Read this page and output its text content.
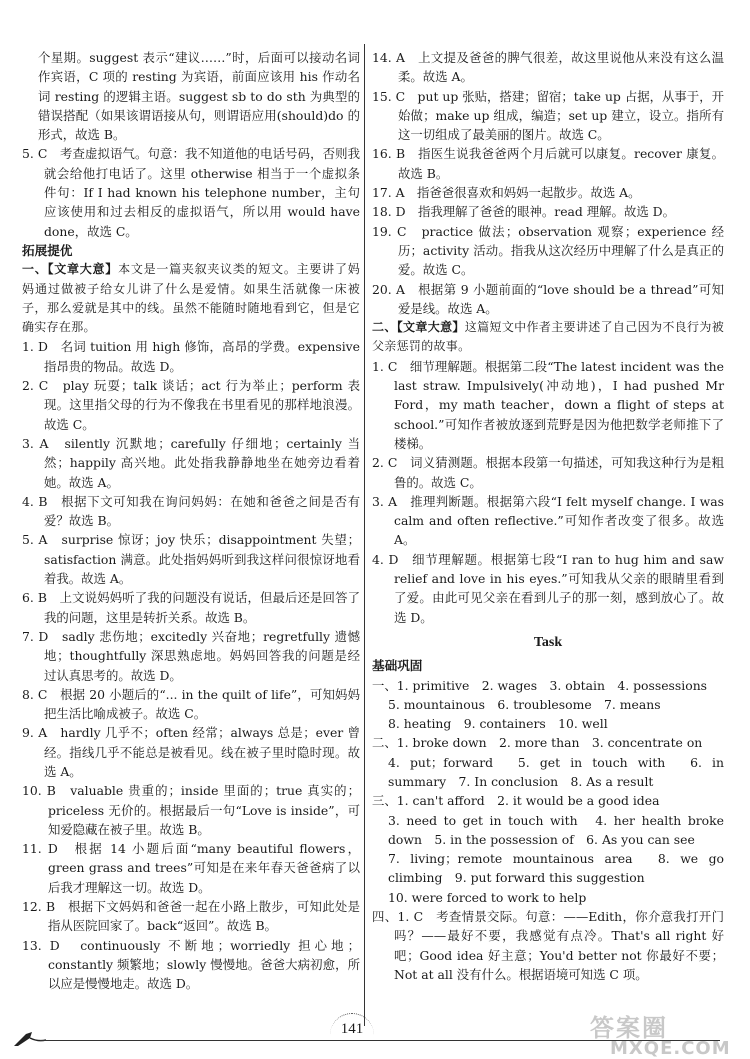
个星期。suggest 表示“建议……”时，后面可以接动名词作宾语，C 项的 resting 为宾语，前面应该用 his 作动名词 resting 的逻辑主语。suggest sb to do sth 为典型的错误搭配（如果该谓语接从句，则谓语应用(should)do 的形式，故选 B。

5. C　考查虚拟语气。句意：我不知道他的电话号码，否则我就会给他打电话了。这里 otherwise 相当于一个虚拟条件句：If I had known his telephone number，主句应该使用和过去相反的虚拟语气，所以用 would have done，故选 C。

拓展提优

一、【文章大意】本文是一篇夹叙夹议类的短文。主要讲了妈妈通过做被子给女儿讲了什么是爱情。如果生活就像一床被子，那么爱就是其中的线。虽然不能随时随地看到它，但是它确实存在那。

1. D　名词 tuition 用 high 修饰，高昂的学费。expensive 指昂贵的物品。故选 D。

2. C　play 玩耍；talk 谈话；act 行为举止；perform 表现。这里指父母的行为不像我在书里看见的那样地浪漫。故选 C。

3. A　silently 沉默地；carefully 仔细地；certainly 当然；happily 高兴地。此处指我静静地坐在她旁边看着她。故选 A。

4. B　根据下文可知我在询问妈妈：在她和爸爸之间是否有爱？故选 B。

5. A　surprise 惊讶；joy 快乐；disappointment 失望；satisfaction 满意。此处指妈妈听到我这样问很惊讶地看着我。故选 A。

6. B　上文说妈妈听了我的问题没有说话，但最后还是回答了我的问题，这里是转折关系。故选 B。

7. D　sadly 悲伤地；excitedly 兴奋地；regretfully 遗憾地；thoughtfully 深思熟虑地。妈妈回答我的问题是经过认真思考的。故选 D。

8. C　根据 20 小题后的“... in the quilt of life”，可知妈妈把生活比喻成被子。故选 C。

9. A　hardly 几乎不；often 经常；always 总是；ever 曾经。指线几乎不能总是被看见。线在被子里时隐时现。故选 A。

10. B　valuable 贵重的；inside 里面的；true 真实的；priceless 无价的。根据最后一句“Love is inside”，可知爱隐藏在被子里。故选 B。

11. D　根据 14 小题后面“many beautiful flowers，green grass and trees”可知是在来年春天爸爸病了以后我才理解这一切。故选 D。

12. B　根据下文妈妈和爸爸一起在小路上散步，可知此处是指从医院回家了。back“返回”。故选 B。

13. D　continuously 不断地；worriedly 担心地；constantly 频繁地；slowly 慢慢地。爸爸大病初愈，所以应是慢慢地走。故选 D。

14. A　上文提及爸爸的脾气很差，故这里说他从来没有这么温柔。故选 A。

15. C　put up 张贴，搭建；留宿；take up 占据，从事于，开始做；make up 组成，编造；set up 建立，设立。指所有这一切组成了最美丽的图片。故选 C。

16. B　指医生说我爸爸两个月后就可以康复。recover 康复。故选 B。

17. A　指爸爸很喜欢和妈妈一起散步。故选 A。

18. D　指我理解了爸爸的眼神。read 理解。故选 D。

19. C　practice 做法；observation 观察；experience 经历；activity 活动。指我从这次经历中理解了什么是真正的爱。故选 C。

20. A　根据第 9 小题前面的“love should be a thread”可知爱是线。故选 A。

二、【文章大意】这篇短文中作者主要讲述了自己因为不良行为被父亲惩罚的故事。

1. C　细节理解题。根据第二段“The latest incident was the last straw. Impulsively(冲动地)，I had pushed Mr Ford，my math teacher，down a flight of steps at school.”可知作者被放逐到荒野是因为他把数学老师推下了楼梯。

2. C　词义猜测题。根据本段第一句描述，可知我这种行为是粗鲁的。故选 C。

3. A　推理判断题。根据第六段“I felt myself change. I was calm and often reflective.”可知作者改变了很多。故选 A。

4. D　细节理解题。根据第七段“I ran to hug him and saw relief and love in his eyes.”可知我从父亲的眼睛里看到了爱。由此可见父亲在看到儿子的那一刻，感到放心了。故选 D。

Task

基础巩固

一、1. primitive　2. wages　3. obtain　4. possessions

5. mountainous　6. troublesome　7. means

8. heating　9. containers　10. well

二、1. broke down　2. more than　3. concentrate on

4. put；forward　5. get in touch with　6. in summary　7. In conclusion　8. As a result

三、1. can't afford　2. it would be a good idea

3. need to get in touch with　4. her health broke down　5. in the possession of　6. As you can see

7. living；remote mountainous area　8. we go climbing　9. put forward this suggestion

10. were forced to work to help

四、1. C　考查情景交际。句意：——Edith，你介意我打开门吗？——最好不要，我感觉有点冷。That's all right 好吧；Good idea 好主意；You'd better not 你最好不要；Not at all 没有什么。根据语境可知选 C 项。

141	答案圈
MXQE.COM
